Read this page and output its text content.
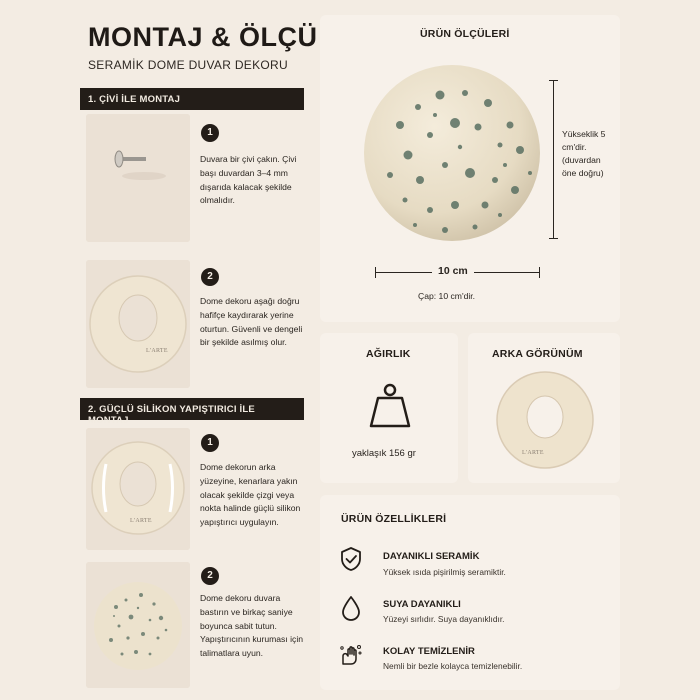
MONTAJ & ÖLÇÜ
SERAMİK DOME DUVAR DEKORU
1. ÇİVİ İLE MONTAJ
1
Duvara bir çivi çakın. Çivi başı duvardan 3–4 mm dışarıda kalacak şekilde olmalıdır.
L'ARTE
2
Dome dekoru aşağı doğru hafifçe kaydırarak yerine oturtun. Güvenli ve dengeli bir şekilde asılmış olur.
2. GÜÇLÜ SİLİKON YAPIŞTIRICI İLE MONTAJ
L'ARTE
1
Dome dekorun arka yüzeyine, kenarlara yakın olacak şekilde çizgi veya nokta halinde güçlü silikon yapıştırıcı uygulayın.
2
Dome dekoru duvara bastırın ve birkaç saniye boyunca sabit tutun. Yapıştırıcının kuruması için talimatlara uyun.
ÜRÜN ÖLÇÜLERİ
Yükseklik 5 cm'dir. (duvardan öne doğru)
10 cm
Çap: 10 cm'dir.
AĞIRLIK
yaklaşık 156 gr
ARKA GÖRÜNÜM
L'ARTE
ÜRÜN ÖZELLİKLERİ
DAYANIKLI SERAMİK
Yüksek ısıda pişirilmiş seramiktir.
SUYA DAYANIKLI
Yüzeyi sırlıdır. Suya dayanıklıdır.
KOLAY TEMİZLENİR
Nemli bir bezle kolayca temizlenebilir.
